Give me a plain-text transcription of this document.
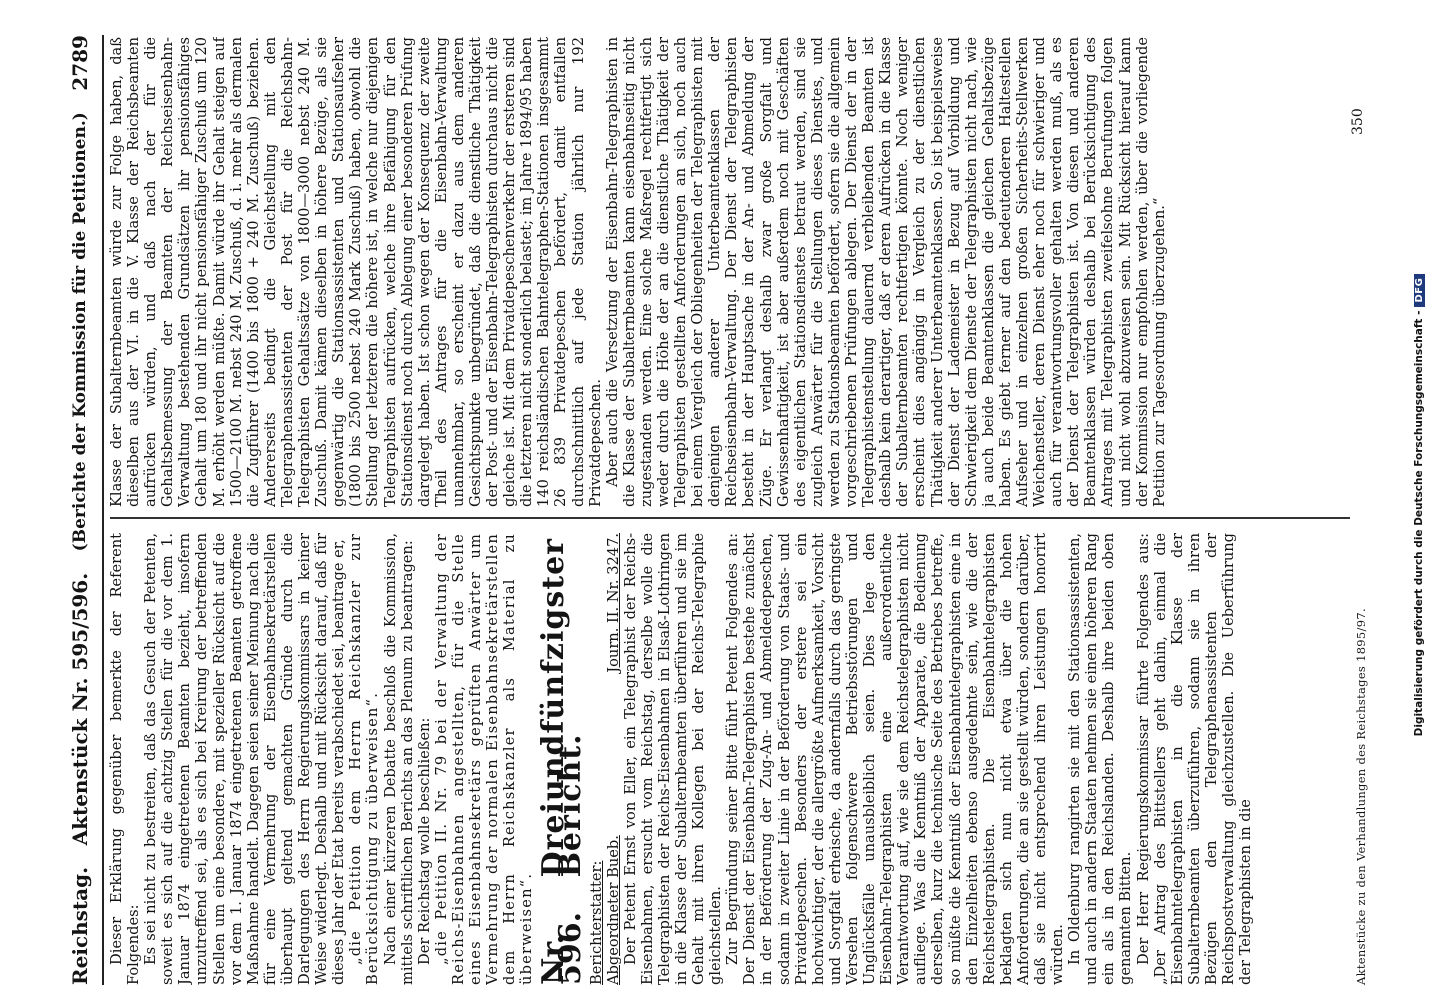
Reichstag.
Aktenstück Nr. 595/596.
(Berichte der Kommission für die Petitionen.)
2789

Dieser Erklärung gegenüber bemerkte der Referent Folgendes: Es sei nicht zu bestreiten, daß das Gesuch der Petenten, soweit es sich auf die achtzig Stellen für die vor dem 1. Januar 1874 eingetretenen Beamten bezieht, insofern unzutreffend sei, als es sich bei Kreirung der betreffenden Stellen um eine besondere, mit spezieller Rücksicht auf die vor dem 1. Januar 1874 eingetretenen Beamten getroffene Maßnahme handelt. Dagegen seien seiner Meinung nach die für eine Vermehrung der Eisenbahnsekretärstellen überhaupt geltend gemachten Gründe durch die Darlegungen des Herrn Regierungskommissars in keiner Weise widerlegt. Deshalb und mit Rücksicht darauf, daß für dieses Jahr der Etat bereits verabschiedet sei, beantrage er, „die Petition dem Herrn Reichskanzler zur Berücksichtigung zu überweisen“. Nach einer kürzeren Debatte beschloß die Kommission, mittels schriftlichen Berichts an das Plenum zu beantragen: Der Reichstag wolle beschließen: „die Petition II. Nr. 79 bei der Verwaltung der Reichs-Eisenbahnen angestellten, für die Stelle eines Eisenbahnsekretärs geprüften Anwärter um Vermehrung der normalen Eisenbahnsekretärstellen dem Herrn Reichskanzler als Material zu überweisen“. Nr. 596.
Dreiundfünfzigster Bericht.
Berichterstatter: Abgeordneter Bueb.
Journ. II. Nr. 3247. Der Petent Ernst von Eller, ein Telegraphist der Reichs-Eisenbahnen, ersucht vom Reichstag, derselbe wolle die Telegraphisten der Reichs-Eisenbahnen in Elsaß-Lothringen in die Klasse der Subalternbeamten überführen und sie im Gehalt mit ihren Kollegen bei der Reichs-Telegraphie gleichstellen. Zur Begründung seiner Bitte führt Petent Folgendes an: Der Dienst der Eisenbahn-Telegraphisten bestehe zunächst in der Beförderung der Zug-An- und Abmeldedepeschen, sodann in zweiter Linie in der Beförderung von Staats- und Privatdepeschen. Besonders der erstere sei ein hochwichtiger, der die allergrößte Aufmerksamkeit, Vorsicht und Sorgfalt erheische, da andernfalls durch das geringste Versehen folgenschwere Betriebsstörungen und Unglücksfälle unausbleiblich seien. Dies lege den Eisenbahn-Telegraphisten eine außerordentliche Verantwortung auf, wie sie dem Reichstelegraphisten nicht aufliege. Was die Kenntniß der Apparate, die Bedienung derselben, kurz die technische Seite des Betriebes betreffe, so müßte die Kenntniß der Eisenbahntelegraphisten eine in den Einzelheiten ebenso ausgedehnte sein, wie die der Reichstelegraphisten. Die Eisenbahntelegraphisten beklagten sich nun nicht etwa über die hohen Anforderungen, die an sie gestellt würden, sondern darüber, daß sie nicht entsprechend ihren Leistungen honorirt würden. In Oldenburg rangirten sie mit den Stationsassistenten, und auch in andern Staaten nehmen sie einen höheren Rang ein als in den Reichslanden. Deshalb ihre beiden oben genannten Bitten. Der Herr Regierungskommissar führte Folgendes aus: „Der Antrag des Bittstellers geht dahin, einmal die Eisenbahntelegraphisten in die Klasse der Subalternbeamten überzuführen, sodann sie in ihren Bezügen den Telegraphenassistenten der Reichspostverwaltung gleichzustellen. Die Ueberführung der Telegraphisten in die

Klasse der Subalternbeamten würde zur Folge haben, daß dieselben aus der VI. in die V. Klasse der Reichsbeamten aufrücken würden, und daß nach der für die Gehaltsbemessung der Beamten der Reichseisenbahn-Verwaltung bestehenden Grundsätzen ihr pensionsfähiges Gehalt um 180 und ihr nicht pensionsfähiger Zuschuß um 120 M. erhöht werden müßte. Damit würde ihr Gehalt steigen auf 1500—2100 M. nebst 240 M. Zuschuß, d. i. mehr als dermalen die Zugführer (1400 bis 1800 + 240 M. Zuschuß) beziehen. Andererseits bedingt die Gleichstellung mit den Telegraphenassistenten der Post für die Reichsbahn-Telegraphisten Gehaltssätze von 1800—3000 nebst 240 M. Zuschuß. Damit kämen dieselben in höhere Bezüge, als sie gegenwärtig die Stationsassistenten und Stationsaufseher (1800 bis 2500 nebst 240 Mark Zuschuß) haben, obwohl die Stellung der letzteren die höhere ist, in welche nur diejenigen Telegraphisten aufrücken, welche ihre Befähigung für den Stationsdienst noch durch Ablegung einer besonderen Prüfung dargelegt haben. Ist schon wegen der Konsequenz der zweite Theil des Antrages für die Eisenbahn-Verwaltung unannehmbar, so erscheint er dazu aus dem anderen Gesichtspunkte unbegründet, daß die dienstliche Thätigkeit der Post- und der Eisenbahn-Telegraphisten durchaus nicht die gleiche ist. Mit dem Privatdepeschenverkehr der ersteren sind die letzteren nicht sonderlich belastet; im Jahre 1894/95 haben 140 reichsländischen Bahntelegraphen-Stationen insgesammt 26 839 Privatdepeschen befördert, damit entfallen durchschnittlich auf jede Station jährlich nur 192 Privatdepeschen. Aber auch die Versetzung der Eisenbahn-Telegraphisten in die Klasse der Subalternbeamten kann eisenbahnseitig nicht zugestanden werden. Eine solche Maßregel rechtfertigt sich weder durch die Höhe der an die dienstliche Thätigkeit der Telegraphisten gestellten Anforderungen an sich, noch auch bei einem Vergleich der Obliegenheiten der Telegraphisten mit denjenigen anderer Unterbeamtenklassen der Reichseisenbahn-Verwaltung. Der Dienst der Telegraphisten besteht in der Hauptsache in der An- und Abmeldung der Züge. Er verlangt deshalb zwar große Sorgfalt und Gewissenhaftigkeit, ist aber außerdem noch mit Geschäften des eigentlichen Stationsdienstes betraut werden, sind sie zugleich Anwärter für die Stellungen dieses Dienstes, und werden zu Stationsbeamten befördert, sofern sie die allgemein vorgeschriebenen Prüfungen ablegen. Der Dienst der in der Telegraphistenstellung dauernd verbleibenden Beamten ist deshalb kein derartiger, daß er deren Aufrücken in die Klasse der Subalternbeamten rechtfertigen könnte. Noch weniger erscheint dies angängig in Vergleich zu der dienstlichen Thätigkeit anderer Unterbeamtenklassen. So ist beispielsweise der Dienst der Lademeister in Bezug auf Vorbildung und Schwierigkeit dem Dienste der Telegraphisten nicht nach, wie ja auch beide Beamtenklassen die gleichen Gehaltsbezüge haben. Es giebt ferner auf den bedeutenderen Haltestellen Aufseher und in einzelnen großen Sicherheits-Stellwerken Weichensteller, deren Dienst eher noch für schwieriger und auch für verantwortungsvoller gehalten werden muß, als es der Dienst der Telegraphisten ist. Von diesen und anderen Beamtenklassen würden deshalb bei Berücksichtigung des Antrages mit Telegraphisten zweifelsohne Berufungen folgen und nicht wohl abzuweisen sein. Mit Rücksicht hierauf kann der Kommission nur empfohlen werden, über die vorliegende Petition zur Tagesordnung überzugehen.“

Aktenstücke zu den Verhandlungen des Reichstages 1895/97.
350
Digitalisierung gefördert durch die Deutsche Forschungsgemeinschaft -
DFG
